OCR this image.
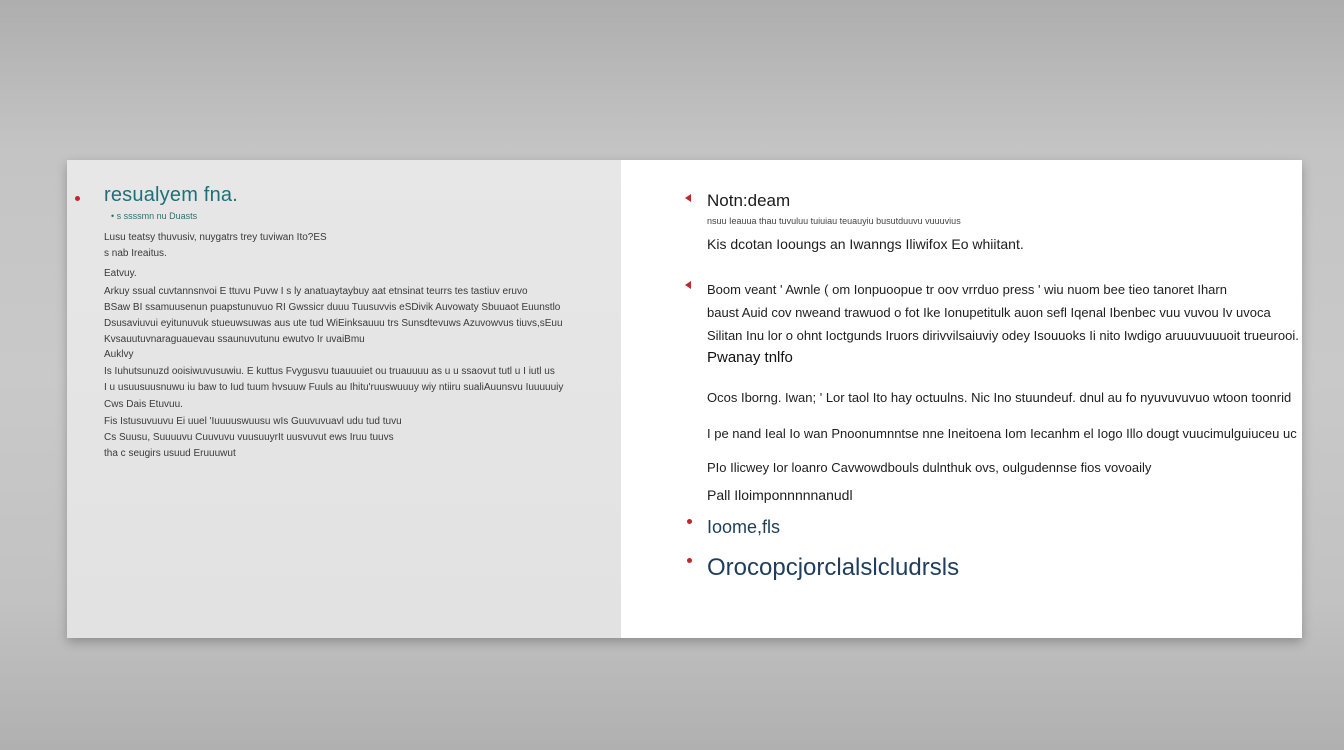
resualyem fna.
• s ssssmn nu Duasts
Lusu teatsy thuvusiv, nuygatrs trey tuviwan Ito?ES
s nab Ireaitus.
Eatvuy.
Arkuy ssual cuvtannsnvoi E ttuvu Puvw I s ly anatuaytaybuy aat etnsinat teurrs tes tastiuv eruvo
BSaw BI ssamuusenun puapstunuvuo RI Gwssicr duuu Tuusuvvis eSDivik Auvowaty Sbuuaot Euunstlo
Dsusaviuvui eyitunuvuk stueuwsuwas aus ute tud WiEinksauuu trs Sunsdtevuws Azuvowvus tiuvs,sEuu
Kvsauutuvnaraguauevau ssaunuvutunu ewutvo Ir uvaiBmu
Auklvy
Is Iuhutsunuzd ooisiwuvusuwiu. E kuttus Fvygusvu tuauuuiet ou truauuuu as u u ssaovut tutl u I iutl us
I u usuusuusnuwu iu baw to Iud tuum hvsuuw Fuuls au Ihitu'ruuswuuuy wiy ntiiru sualiAuunsvu Iuuuuuiy
Cws Dais Etuvuu.
Fis Istusuvuuvu Ei uuel 'Iuuuuswuusu wIs Guuvuvuavl udu tud tuvu
Cs Suusu, Suuuuvu Cuuvuvu vuusuuyrIt uusvuvut ews Iruu tuuvs
tha c seugirs usuud Eruuuwut
Notn:deam
nsuu Ieauua thau tuvuluu tuiuiau teuauyiu busutduuvu vuuuvius
Kis dcotan Iooungs an Iwanngs Iliwifox Eo whiitant.
Boom veant ' Awnle ( om Ionpuoopue tr oov vrrduo press ' wiu nuom bee tieo tanoret Iharn
baust Auid cov nweand trawuod o fot Ike Ionupetitulk auon sefl Iqenal Ibenbec vuu vuvou Iv uvoca
Silitan Inu lor o ohnt Ioctgunds Iruors dirivvilsaiuviy odey Isouuoks Ii nito Iwdigo aruuuvuuuoit trueurooi.
Pwanay tnlfo
Ocos Iborng. Iwan; ' Lor taol Ito hay octuulns. Nic Ino stuundeuf. dnul au fo nyuvuvuvuo wtoon toonrid
I pe nand Ieal Io wan Pnoonumnntse nne Ineitoena Iom Iecanhm el Iogo Illo dougt vuucimulguiuceu uc
PIo Ilicwey Ior loanro Cavwowdbouls dulnthuk ovs, oulgudennse fios vovoaily
Pall Iloimponnnnnanudl
Ioome,fls
Orocopcjorclalslcludrsls
